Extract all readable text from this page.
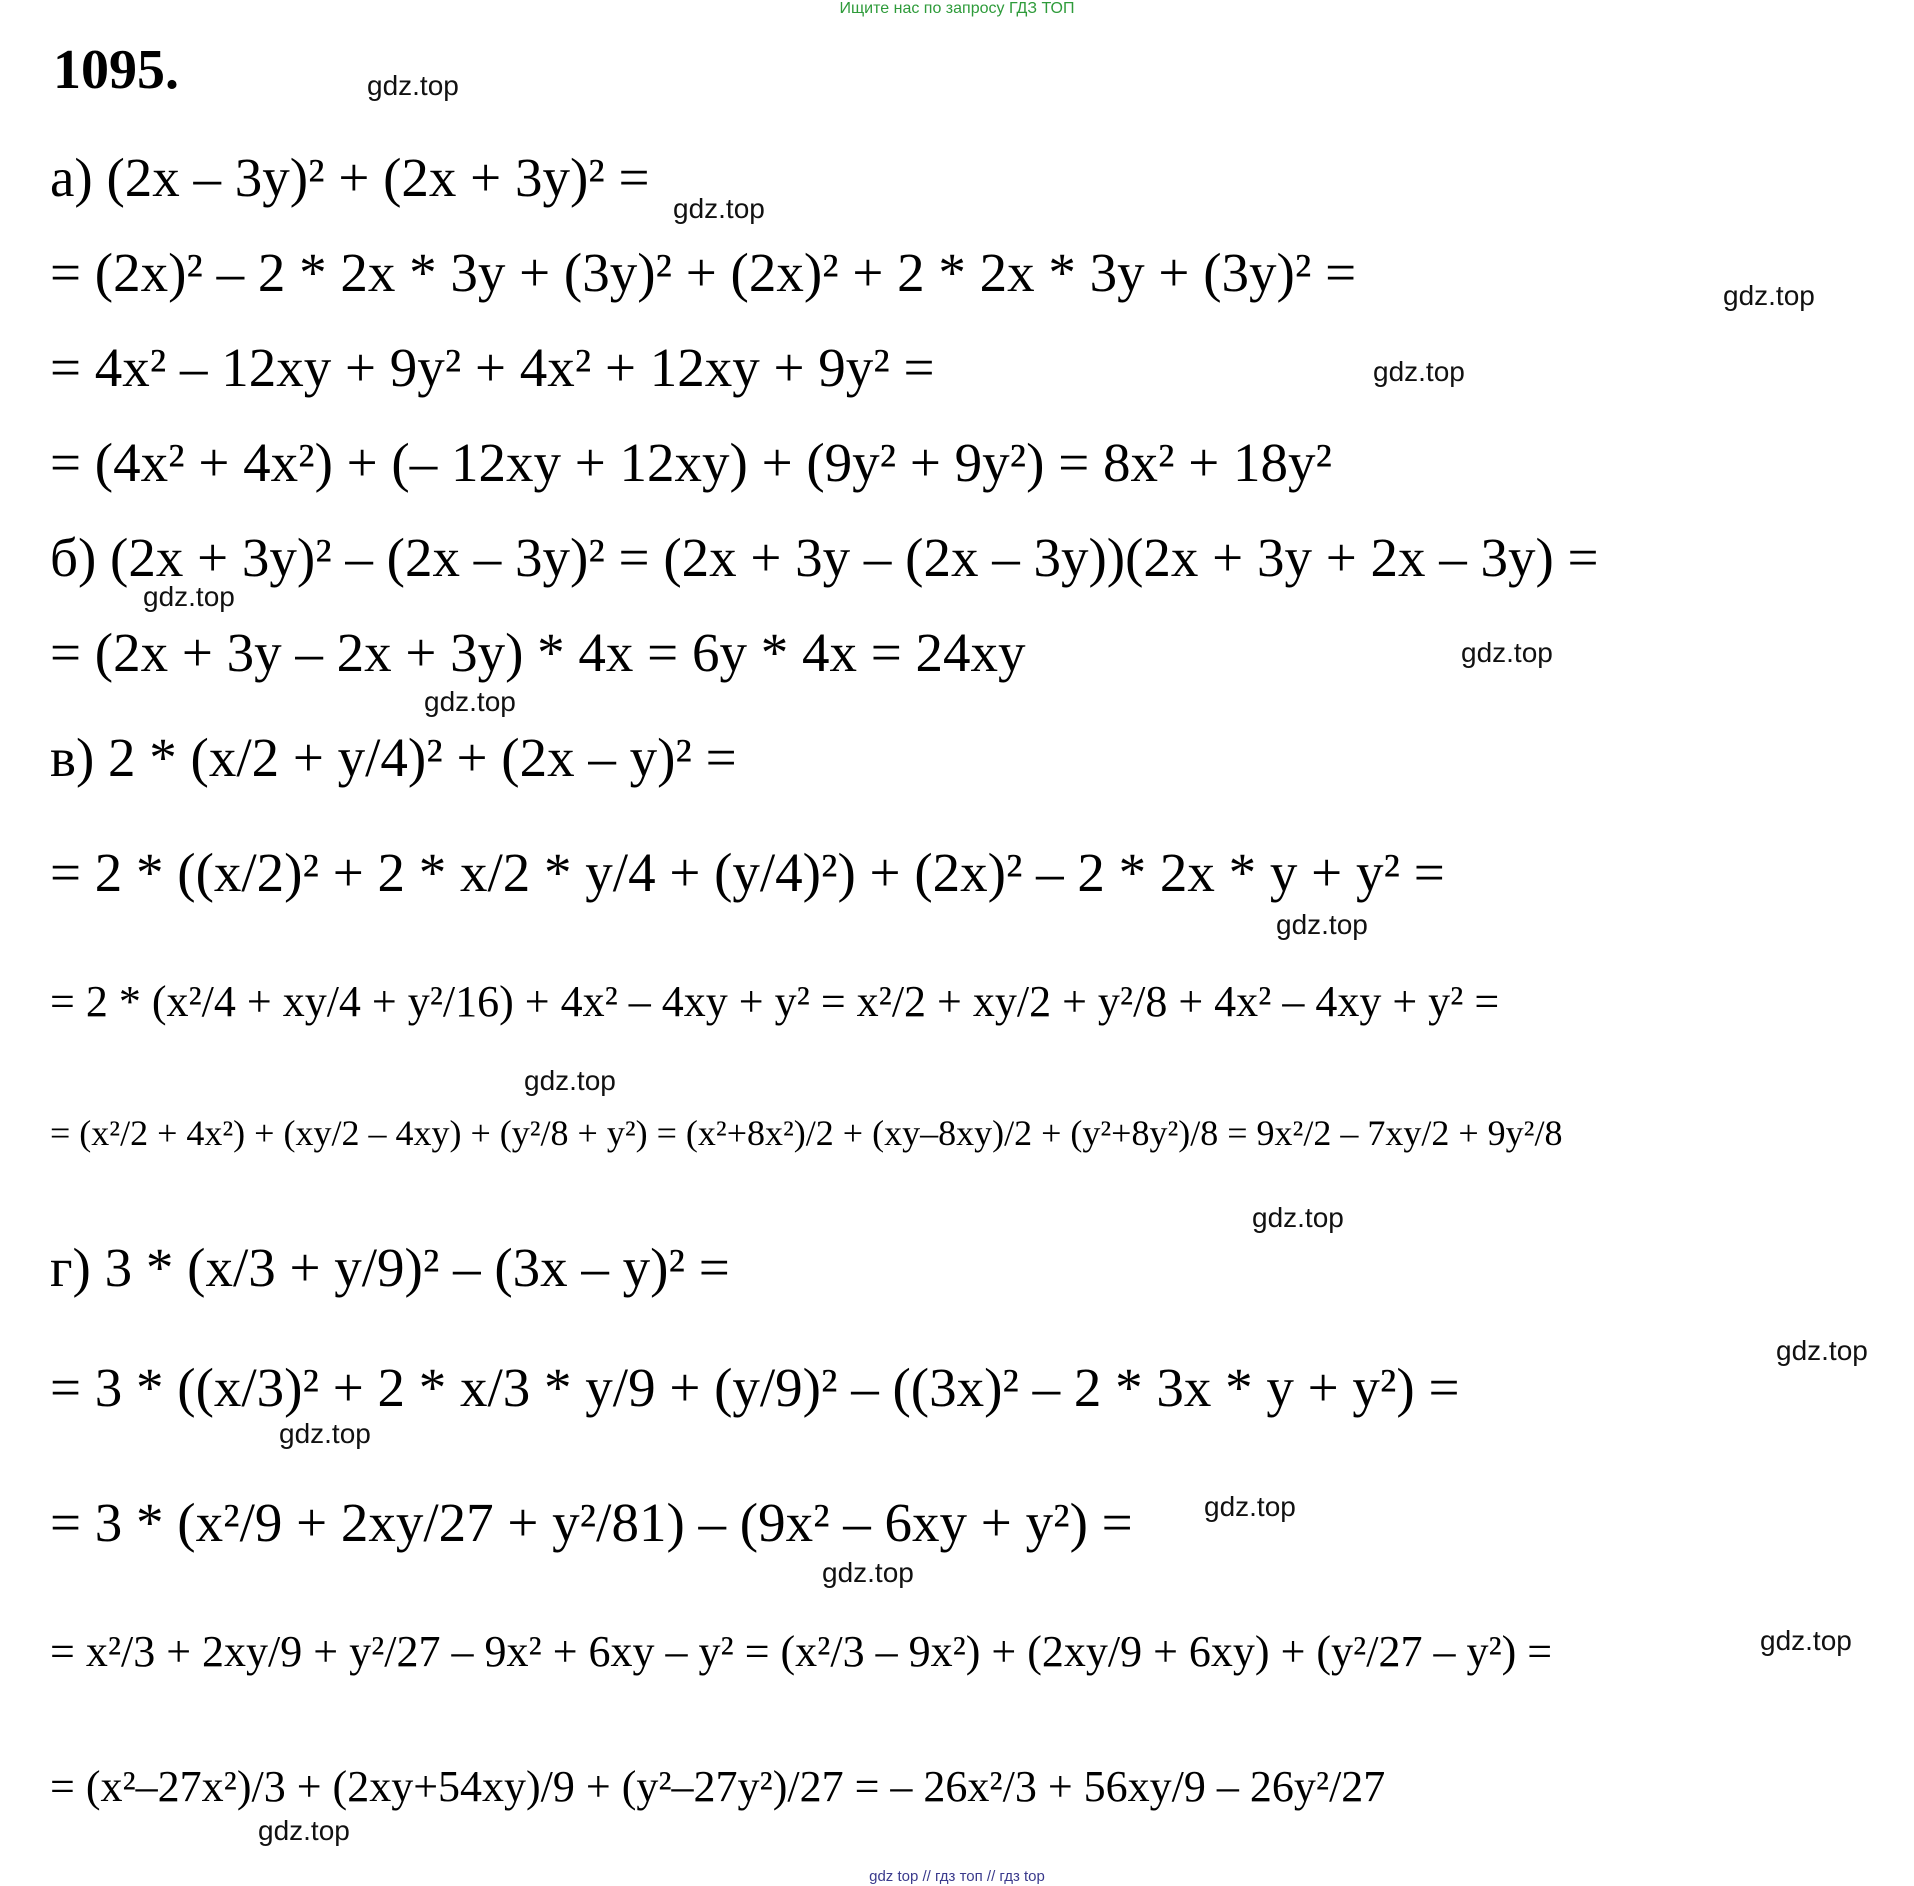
Ищите нас по запросу ГДЗ ТОП
1095.
а) (2x – 3y)² + (2x + 3y)² =
= (2x)² – 2 * 2x * 3y + (3y)² + (2x)² + 2 * 2x * 3y + (3y)² =
= 4x² – 12xy + 9y² + 4x² + 12xy + 9y² =
= (4x² + 4x²) + (– 12xy + 12xy) + (9y² + 9y²) = 8x² + 18y²
б) (2x + 3y)² – (2x – 3y)² = (2x + 3y – (2x – 3y))(2x + 3y + 2x – 3y) =
= (2x + 3y – 2x + 3y) * 4x = 6y * 4x = 24xy
в) 2 * (x/2 + y/4)² + (2x – y)² =
= 2 * ((x/2)² + 2 * x/2 * y/4 + (y/4)²) + (2x)² – 2 * 2x * y + y² =
= 2 * (x²/4 + xy/4 + y²/16) + 4x² – 4xy + y² = x²/2 + xy/2 + y²/8 + 4x² – 4xy + y² =
= (x²/2 + 4x²) + (xy/2 – 4xy) + (y²/8 + y²) = (x²+8x²)/2 + (xy–8xy)/2 + (y²+8y²)/8 = 9x²/2 – 7xy/2 + 9y²/8
г) 3 * (x/3 + y/9)² – (3x – y)² =
= 3 * ((x/3)² + 2 * x/3 * y/9 + (y/9)² – ((3x)² – 2 * 3x * y + y²) =
= 3 * (x²/9 + 2xy/27 + y²/81) – (9x² – 6xy + y²) =
= x²/3 + 2xy/9 + y²/27 – 9x² + 6xy – y² = (x²/3 – 9x²) + (2xy/9 + 6xy) + (y²/27 – y²) =
= (x²–27x²)/3 + (2xy+54xy)/9 + (y²–27y²)/27 = – 26x²/3 + 56xy/9 – 26y²/27
gdz.top
gdz.top
gdz.top
gdz.top
gdz.top
gdz.top
gdz.top
gdz.top
gdz.top
gdz.top
gdz.top
gdz.top
gdz.top
gdz.top
gdz.top
gdz.top
gdz top // гдз топ // гдз top
